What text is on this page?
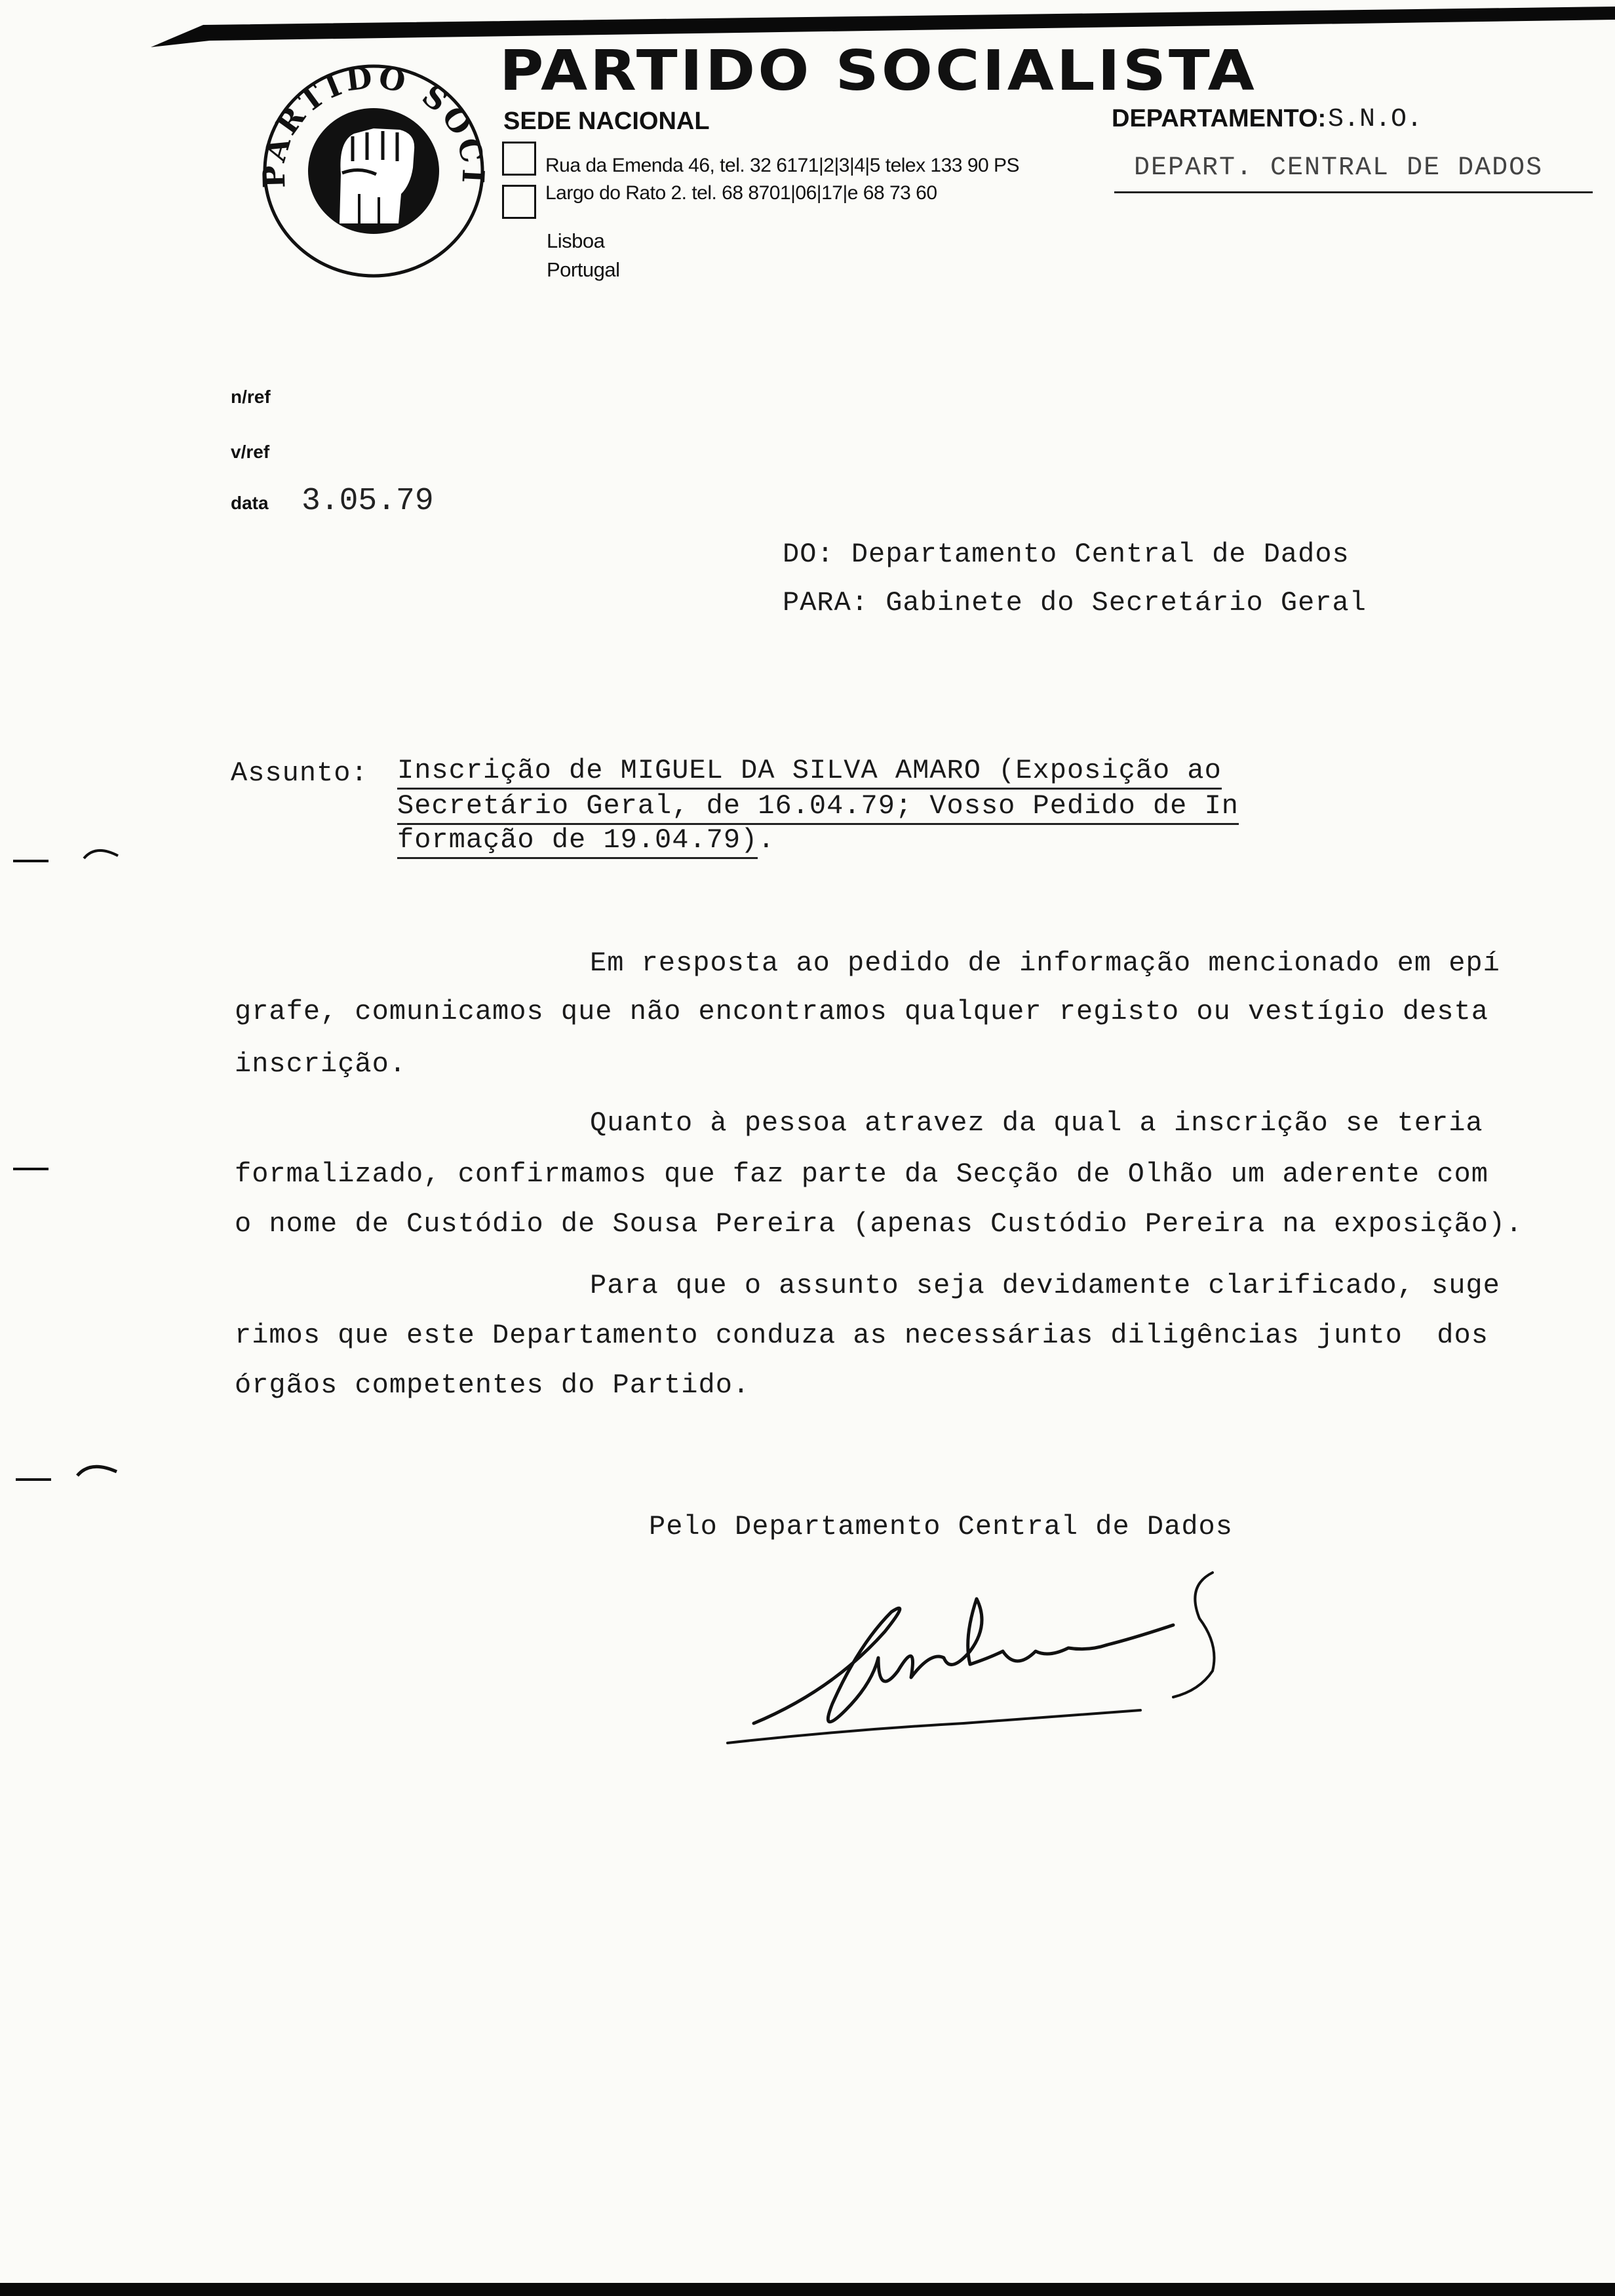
ARTIDO SO
PARTIDO SOCIALISTA
SEDE NACIONAL
Rua da Emenda 46, tel. 32 6171|2|3|4|5 telex 133 90 PS
Largo do Rato 2. tel. 68 8701|06|17|e 68 73 60
Lisboa
Portugal
DEPARTAMENTO: S.N.O.
DEPART. CENTRAL DE DADOS
n/ref
v/ref
data 3.05.79
DO: Departamento Central de Dados
PARA: Gabinete do Secretário Geral
Assunto: Inscrição de MIGUEL DA SILVA AMARO (Exposição ao
Secretário Geral, de 16.04.79; Vosso Pedido de In
formação de 19.04.79).
Em resposta ao pedido de informação mencionado em epí
grafe, comunicamos que não encontramos qualquer registo ou vestígio desta
inscrição.
Quanto à pessoa atravez da qual a inscrição se teria
formalizado, confirmamos que faz parte da Secção de Olhão um aderente com
o nome de Custódio de Sousa Pereira (apenas Custódio Pereira na exposição).
Para que o assunto seja devidamente clarificado, suge
rimos que este Departamento conduza as necessárias diligências junto  dos
órgãos competentes do Partido.
Pelo Departamento Central de Dados
